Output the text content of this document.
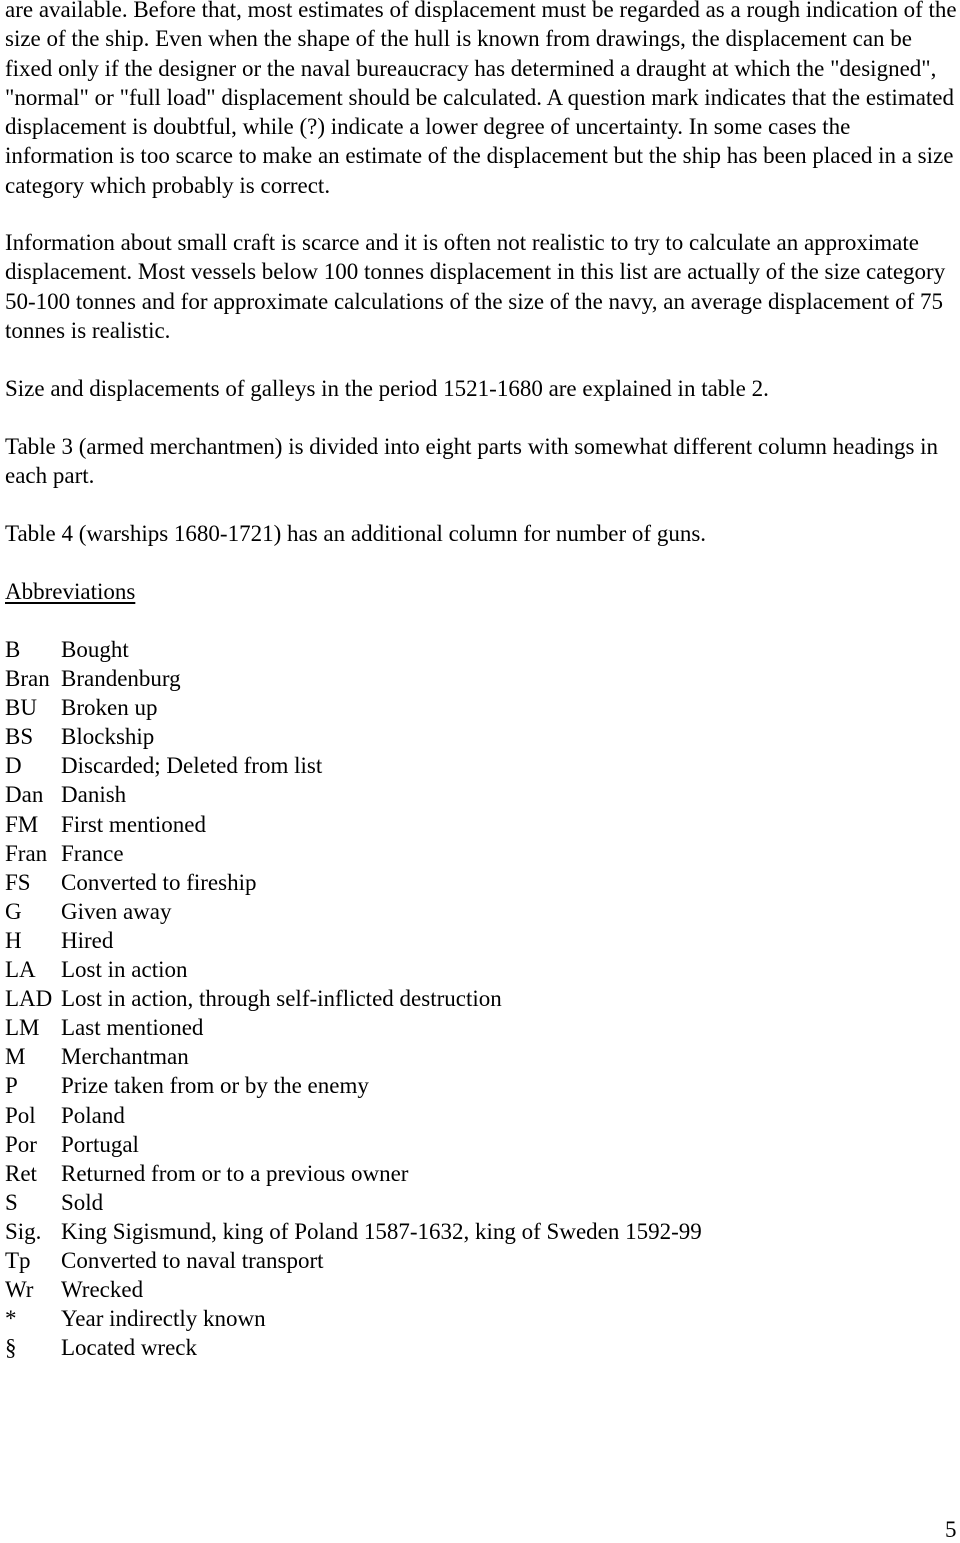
are available. Before that, most estimates of displacement must be regarded as a rough indication of the size of the ship. Even when the shape of the hull is known from drawings, the displacement can be fixed only if the designer or the naval bureaucracy has determined a draught at which the "designed", "normal" or "full load" displacement should be calculated. A question mark indicates that the estimated displacement is doubtful, while (?) indicate a lower degree of uncertainty. In some cases the information is too scarce to make an estimate of the displacement but the ship has been placed in a size category which probably is correct.

Information about small craft is scarce and it is often not realistic to try to calculate an approximate displacement. Most vessels below 100 tonnes displacement in this list are actually of the size category 50-100 tonnes and for approximate calculations of the size of the navy, an average displacement of 75 tonnes is realistic.

Size and displacements of galleys in the period 1521-1680 are explained in table 2.

Table 3 (armed merchantmen) is divided into eight parts with somewhat different column headings in each part.

Table 4 (warships 1680-1721) has an additional column for number of guns.

Abbreviations
B Bought
Bran Brandenburg
BU Broken up
BS Blockship
D Discarded; Deleted from list
Dan Danish
FM First mentioned
Fran France
FS Converted to fireship
G Given away
H Hired
LA Lost in action
LAD Lost in action, through self-inflicted destruction
LM Last mentioned
M Merchantman
P Prize taken from or by the enemy
Pol Poland
Por Portugal
Ret Returned from or to a previous owner
S Sold
Sig. King Sigismund, king of Poland 1587-1632, king of Sweden 1592-99
Tp Converted to naval transport
Wr Wrecked
* Year indirectly known
§ Located wreck
5
